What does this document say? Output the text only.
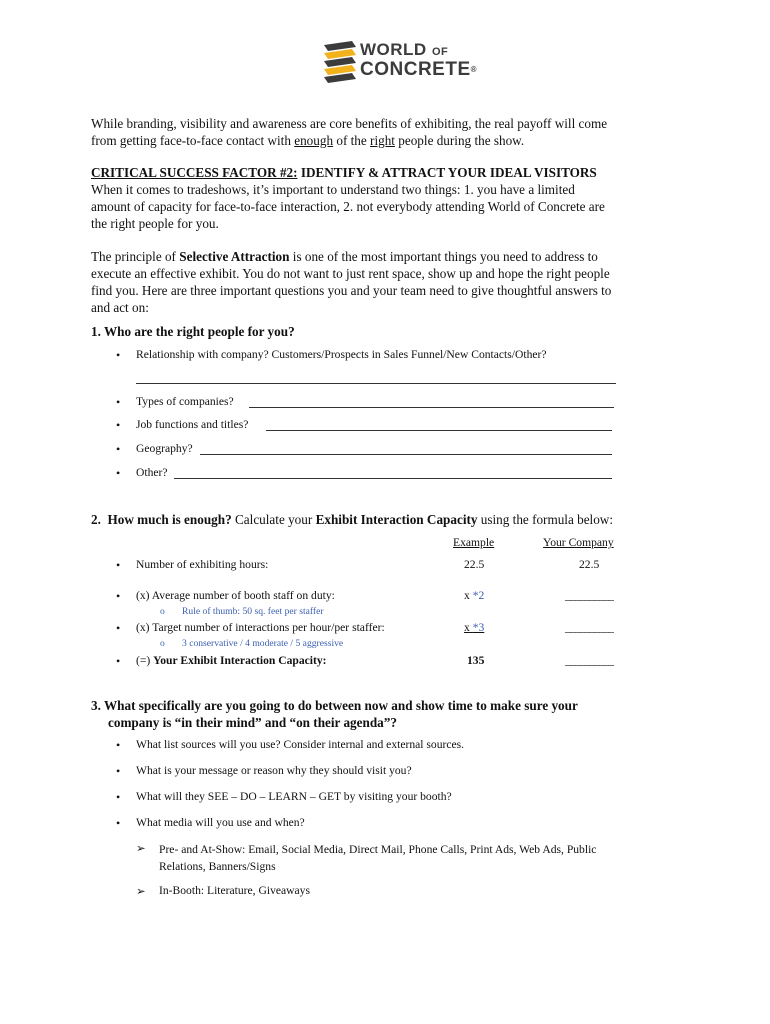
WORLD OF
CONCRETE®
While branding, visibility and awareness are core benefits of exhibiting, the real payoff will come
from getting face-to-face contact with enough of the right people during the show.
CRITICAL SUCCESS FACTOR #2: IDENTIFY & ATTRACT YOUR IDEAL VISITORS
When it comes to tradeshows, it’s important to understand two things: 1. you have a limited
amount of capacity for face-to-face interaction, 2. not everybody attending World of Concrete are
the right people for you.
The principle of Selective Attraction is one of the most important things you need to address to
execute an effective exhibit. You do not want to just rent space, show up and hope the right people
find you. Here are three important questions you and your team need to give thoughtful answers to
and act on:
1. Who are the right people for you?
• Relationship with company? Customers/Prospects in Sales Funnel/New Contacts/Other?
• Types of companies?
• Job functions and titles?
• Geography?
• Other?
2. How much is enough? Calculate your Exhibit Interaction Capacity using the formula below:
Example	Your Company
• Number of exhibiting hours:	22.5	22.5
• (x) Average number of booth staff on duty:	x *2	__________
o Rule of thumb: 50 sq. feet per staffer
• (x) Target number of interactions per hour/per staffer:	x *3	__________
o 3 conservative / 4 moderate / 5 aggressive
• (=) Your Exhibit Interaction Capacity:	135	__________
3. What specifically are you going to do between now and show time to make sure your
company is “in their mind” and “on their agenda”?
• What list sources will you use? Consider internal and external sources.
• What is your message or reason why they should visit you?
• What will they SEE – DO – LEARN – GET by visiting your booth?
• What media will you use and when?
➢ Pre- and At-Show: Email, Social Media, Direct Mail, Phone Calls, Print Ads, Web Ads, Public
Relations, Banners/Signs
➢ In-Booth: Literature, Giveaways
